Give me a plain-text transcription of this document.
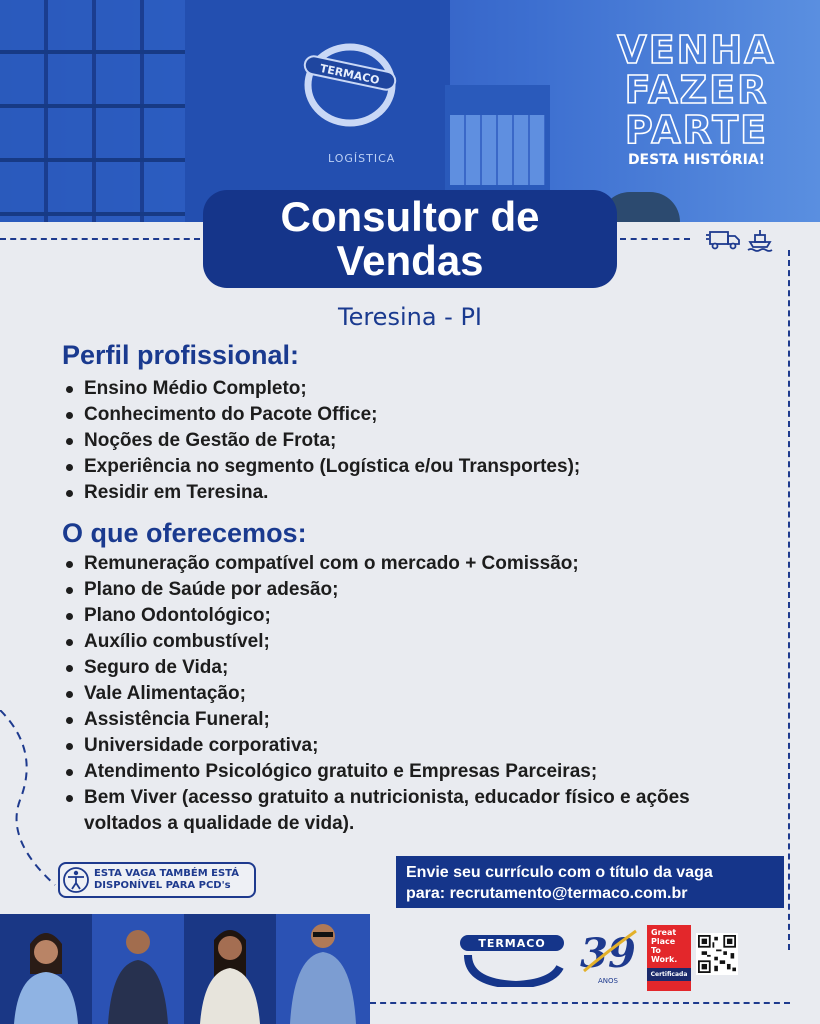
TERMACO
LOGÍSTICA
VENHA
FAZER
PARTE
DESTA HISTÓRIA!
Consultor de
Vendas
Teresina - PI
Perfil profissional:
Ensino Médio Completo;
Conhecimento do Pacote Office;
Noções de Gestão de Frota;
Experiência no segmento (Logística e/ou Transportes);
Residir em Teresina.
O que oferecemos:
Remuneração compatível com o mercado + Comissão;
Plano de Saúde por adesão;
Plano Odontológico;
Auxílio combustível;
Seguro de Vida;
Vale Alimentação;
Assistência Funeral;
Universidade corporativa;
Atendimento Psicológico gratuito e Empresas Parceiras;
Bem Viver (acesso gratuito a nutricionista, educador físico e ações voltados a qualidade de vida).
ESTA VAGA TAMBÉM ESTÁ
DISPONÍVEL PARA PCD's
Envie seu currículo com o título da vaga
para: recrutamento@termaco.com.br
TERMACO 39
ANOS
Great Place To Work.
Certificada
